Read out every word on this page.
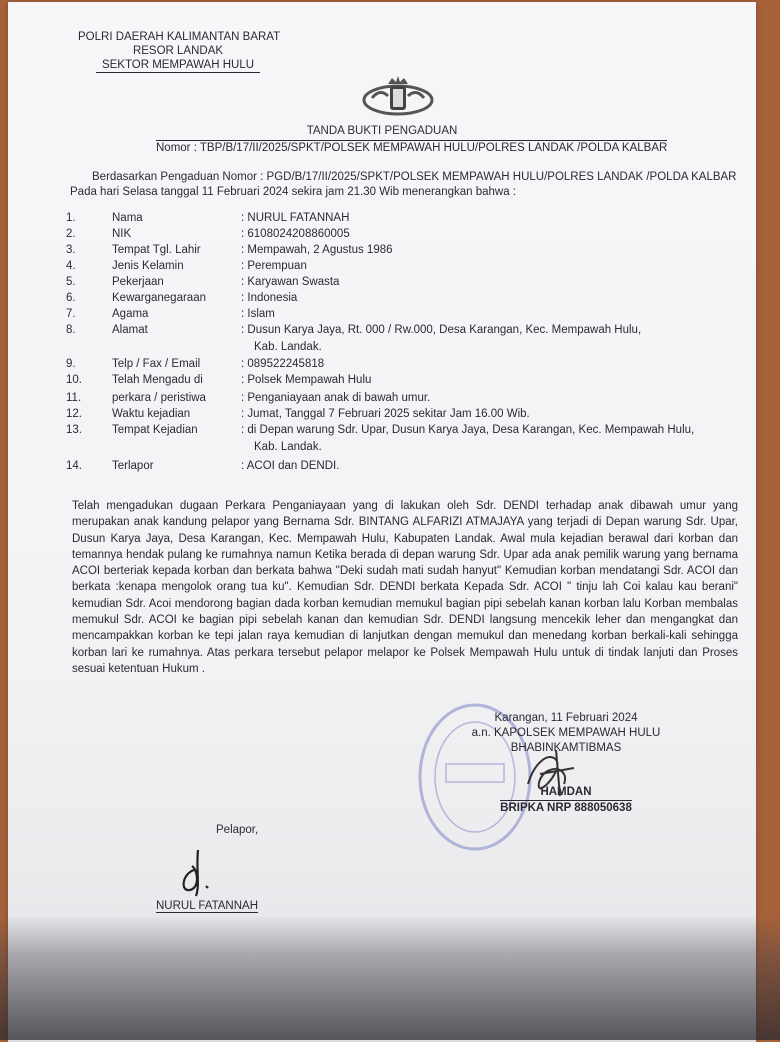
POLRI DAERAH KALIMANTAN BARAT
RESOR LANDAK
SEKTOR MEMPAWAH HULU
TANDA BUKTI PENGADUAN
Nomor : TBP/B/17/II/2025/SPKT/POLSEK MEMPAWAH HULU/POLRES LANDAK /POLDA KALBAR
Berdasarkan Pengaduan Nomor : PGD/B/17/II/2025/SPKT/POLSEK MEMPAWAH HULU/POLRES LANDAK /POLDA KALBAR
Pada hari Selasa tanggal 11 Februari 2024 sekira jam 21.30 Wib menerangkan bahwa :
1.	Nama	: NURUL FATANNAH
2.	NIK	: 6108024208860005
3.	Tempat Tgl. Lahir	: Mempawah, 2 Agustus 1986
4.	Jenis Kelamin	: Perempuan
5.	Pekerjaan	: Karyawan Swasta
6.	Kewarganegaraan	: Indonesia
7.	Agama	: Islam
8.	Alamat	: Dusun Karya Jaya, Rt. 000 / Rw.000, Desa Karangan, Kec. Mempawah Hulu,
Kab. Landak.
9.	Telp / Fax / Email	: 089522245818
10.	Telah Mengadu di	: Polsek Mempawah Hulu
11.	perkara / peristiwa	: Penganiayaan anak di bawah umur.
12.	Waktu kejadian	: Jumat, Tanggal 7 Februari 2025 sekitar Jam 16.00 Wib.
13.	Tempat Kejadian	: di Depan warung Sdr. Upar, Dusun Karya Jaya, Desa Karangan, Kec. Mempawah Hulu,
Kab. Landak.
14.	Terlapor	: ACOI dan DENDI.
Telah mengadukan dugaan Perkara Penganiayaan yang di lakukan oleh Sdr. DENDI terhadap anak dibawah umur yang merupakan anak kandung pelapor yang Bernama Sdr. BINTANG ALFARIZI ATMAJAYA yang terjadi di Depan warung Sdr. Upar, Dusun Karya Jaya, Desa Karangan, Kec. Mempawah Hulu, Kabupaten Landak. Awal mula kejadian berawal dari korban dan temannya hendak pulang ke rumahnya namun Ketika berada di depan warung Sdr. Upar ada anak pemilik warung yang bernama ACOI berteriak kepada korban dan berkata bahwa "Deki sudah mati sudah hanyut" Kemudian korban mendatangi Sdr. ACOI dan berkata :kenapa mengolok orang tua ku". Kemudian Sdr. DENDI berkata Kepada Sdr. ACOI " tinju lah Coi kalau kau berani" kemudian Sdr. Acoi mendorong bagian dada korban kemudian memukul bagian pipi sebelah kanan korban lalu Korban membalas memukul Sdr. ACOI ke bagian pipi sebelah kanan dan kemudian Sdr. DENDI langsung mencekik leher dan mengangkat dan mencampakkan korban ke tepi jalan raya kemudian di lanjutkan dengan memukul dan menedang korban berkali-kali sehingga korban lari ke rumahnya. Atas perkara tersebut pelapor melapor ke Polsek Mempawah Hulu untuk di tindak lanjuti dan Proses sesuai ketentuan Hukum .
Karangan, 11 Februari 2024
a.n. KAPOLSEK MEMPAWAH HULU
BHABINKAMTIBMAS
HAMDAN
BRIPKA NRP 888050638
Pelapor,
NURUL FATANNAH
